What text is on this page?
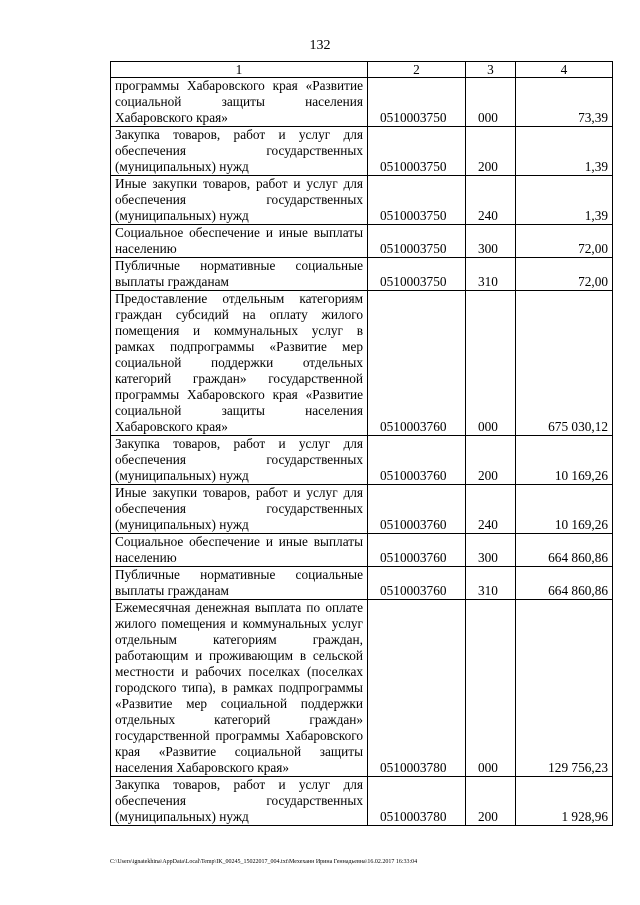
132
1	2	3	4
программы Хабаровского края «Развитие социальной защиты населения Хабаровского края»	0510003750	000	73,39
Закупка товаров, работ и услуг для обеспечения государственных (муниципальных) нужд	0510003750	200	1,39
Иные закупки товаров, работ и услуг для обеспечения государственных (муниципальных) нужд	0510003750	240	1,39
Социальное обеспечение и иные выплаты населению	0510003750	300	72,00
Публичные нормативные социальные выплаты гражданам	0510003750	310	72,00
Предоставление отдельным категориям граждан субсидий на оплату жилого помещения и коммунальных услуг в рамках подпрограммы «Развитие мер социальной поддержки отдельных категорий граждан» государственной программы Хабаровского края «Развитие социальной защиты населения Хабаровского края»	0510003760	000	675 030,12
Закупка товаров, работ и услуг для обеспечения государственных (муниципальных) нужд	0510003760	200	10 169,26
Иные закупки товаров, работ и услуг для обеспечения государственных (муниципальных) нужд	0510003760	240	10 169,26
Социальное обеспечение и иные выплаты населению	0510003760	300	664 860,86
Публичные нормативные социальные выплаты гражданам	0510003760	310	664 860,86
Ежемесячная денежная выплата по оплате жилого помещения и коммунальных услуг отдельным категориям граждан, работающим и проживающим в сельской местности и рабочих поселках (поселках городского типа), в рамках подпрограммы «Развитие мер социальной поддержки отдельных категорий граждан» государственной программы Хабаровского края «Развитие социальной защиты населения Хабаровского края»	0510003780	000	129 756,23
Закупка товаров, работ и услуг для обеспечения государственных (муниципальных) нужд	0510003780	200	1 928,96
C:\Users\ignatekhina\AppData\Local\Temp\IK_00245_15022017_004.txt\Мехеханн Ирина Геннадьевна\16.02.2017 16:33:04
